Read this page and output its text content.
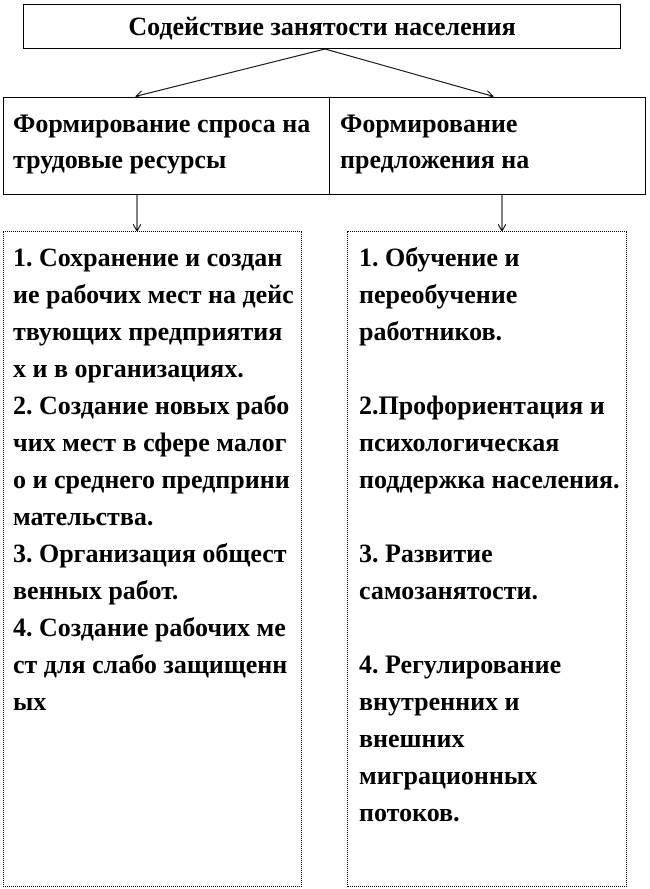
Содействие занятости населения
Формирование спроса на трудовые ресурсы
Формирование предложения на
1. Сохранение и создание рабочих мест на действующих предприятиях и в организациях.
2. Создание новых рабочих мест в сфере малого и среднего предпринимательства.
3. Организация общественных работ.
4. Создание рабочих мест для слабо защищенных
1. Обучение и переобучение работников.
2.Профориентация и психологическая поддержка населения.
3. Развитие самозанятости.
4. Регулирование внутренних и внешних миграционных потоков.
